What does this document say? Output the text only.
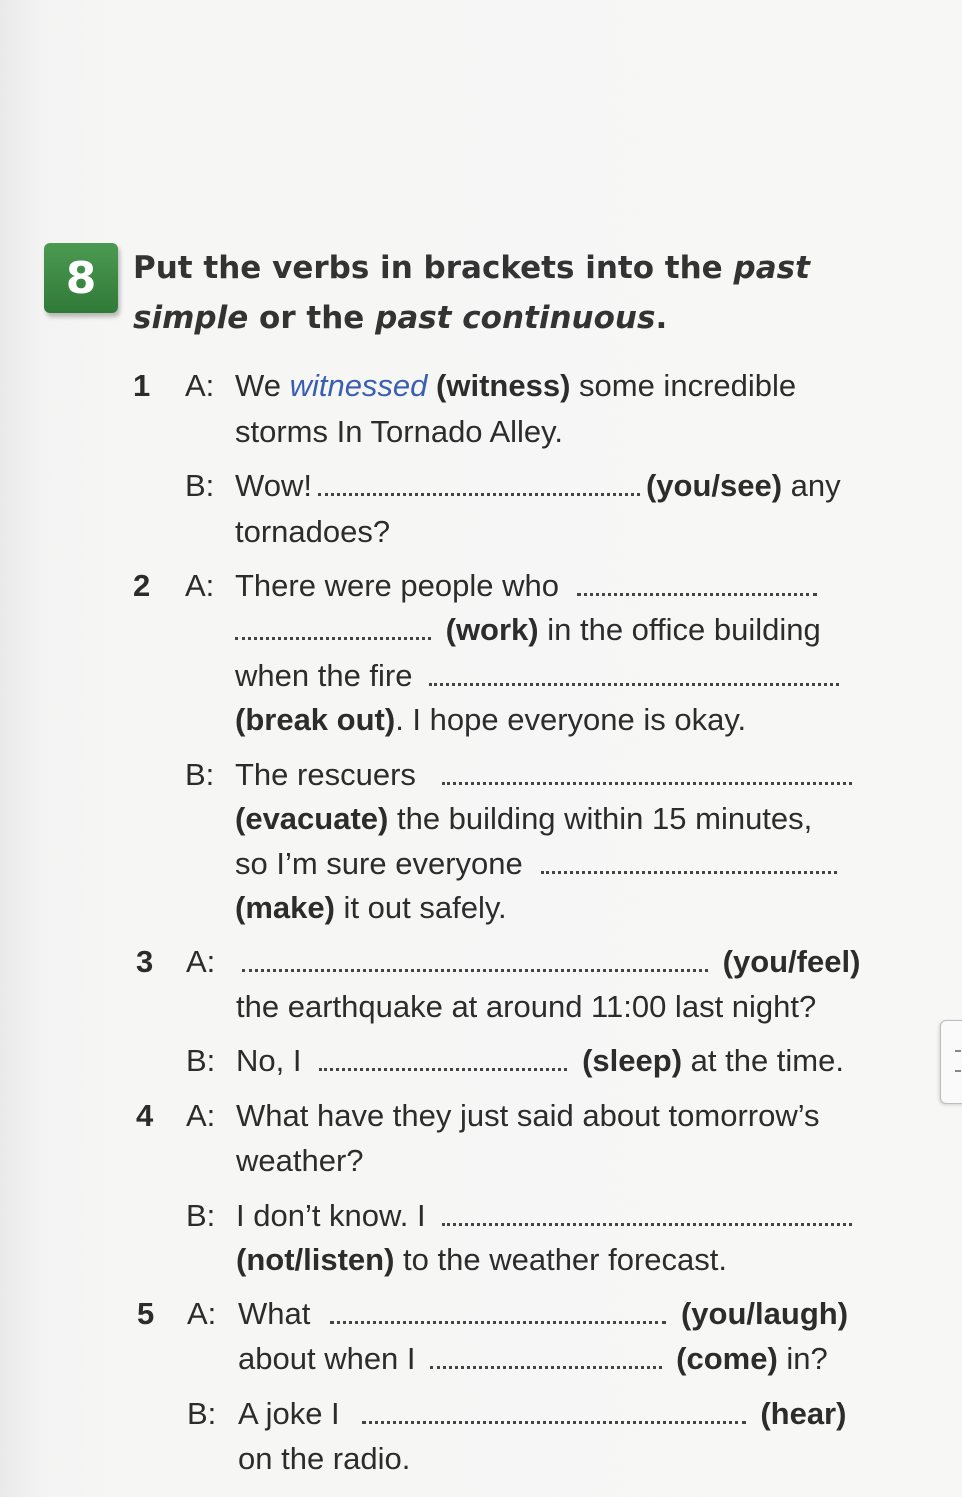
8	Put the verbs in brackets into the past
simple or the past continuous.
1 A: We witnessed (witness) some incredible
storms In Tornado Alley.
B: Wow!	(you/see) any
tornadoes?
2 A: There were people who
(work) in the office building
when the fire
(break out). I hope everyone is okay.
B: The rescuers
(evacuate) the building within 15 minutes,
so I’m sure everyone
(make) it out safely.
3 A:	(you/feel)
the earthquake at around 11:00 last night?
B: No, I	(sleep) at the time.
4 A: What have they just said about tomorrow’s
weather?
B: I don’t know. I
(not/listen) to the weather forecast.
5 A: What	(you/laugh)
about when I	(come) in?
B: A joke I	(hear)
on the radio.
